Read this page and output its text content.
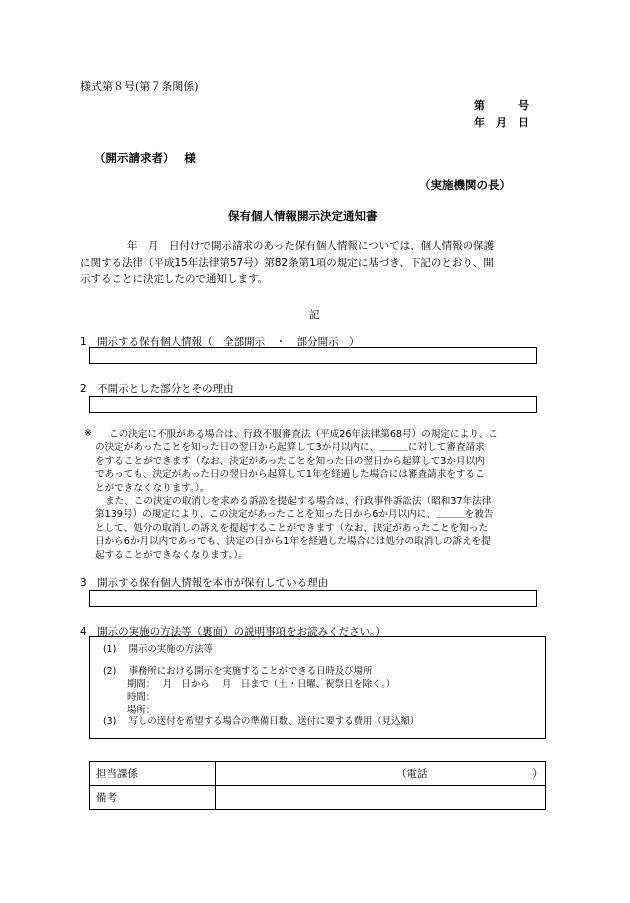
様式第８号(第７条関係)
第　　　号
年　月　日
（開示請求者）　 様
（実施機関の長）
保有個人情報開示決定通知書
年　月　日付けで開示請求のあった保有個人情報については、個人情報の保護
に関する法律（平成15年法律第57号）第82条第1項の規定に基づき、下記のとおり、開
示することに決定したので通知します。
記
1　開示する保有個人情報（　全部開示　・　部分開示　）
2　不開示とした部分とその理由
※	この決定に不服がある場合は、行政不服審査法（平成26年法律第68号）の規定により、こ
の決定があったことを知った日の翌日から起算して3か月以内に、＿＿＿に対して審査請求
をすることができます（なお、決定があったことを知った日の翌日から起算して3か月以内
であっても、決定があった日の翌日から起算して1年を経過した場合には審査請求をするこ
とができなくなります。）。
また、この決定の取消しを求める訴訟を提起する場合は、行政事件訴訟法（昭和37年法律
第139号）の規定により、この決定があったことを知った日から6か月以内に、＿＿＿を被告
として、処分の取消しの訴えを提起することができます（なお、決定があったことを知った
日から6か月以内であっても、決定の日から1年を経過した場合には処分の取消しの訴えを提
起することができなくなります。）。
3　開示する保有個人情報を本市が保有している理由
4　開示の実施の方法等（裏面）の説明事項をお読みください。）
(1)　 開示の実施の方法等
(2)　 事務所における開示を実施することができる日時及び場所
期間：　 月　日から　 月　日まで（土・日曜、祝祭日を除く。）
時間：
場所：
(3)　 写しの送付を希望する場合の準備日数、送付に要する費用（見込額）
担当課係	（電話　　　　　　　　　　）
備考	
